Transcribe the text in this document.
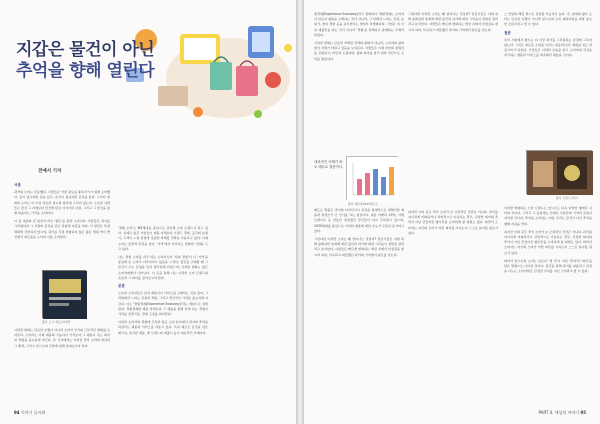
지갑은 물건이 아닌
추억을 향해 열린다
전예서 기자
서론

과거의 소비는 단순했다. 사람들은 어떤 필요를 충족시키기 위해 소비했다. 옷이 필요하면 옷을 샀고, 음식이 필요하면 음식을 샀다. 그러나 현대의 소비는 더 이상 단순한 필요의 충족에 그치지 않는다. 오늘날 사람들은 물건 그 자체보다 물건에 담긴 이야기와 감정, 그리고 그 물건을 통해 떠올리는 기억을 소비한다.

이 중 대중화 된 현상이 바로 '향수'를 통한 소비이다. 사람들은 과거를 그리워하며 그 시절의 감성을 담은 상품에 지갑을 연다. 이 현상은 특정 세대에 국한되지 않으며, 과거를 직접 경험하지 않은 젊은 세대 역시 옛것에서 새로움을 느끼며 이를 소비한다.

출처: 도서 '레트로마케팅'

이러한 변화는 단순한 유행이 아니라 소비자 인식의 근본적인 변화를 보여준다. 소비자는 이제 제품의 기능이나 가격보다 그 제품이 주는 의미와 경험을 중요하게 여긴다. 본 기사에서는 이러한 추억 소비의 양상과 그 배경, 그리고 앞으로의 전망에 대해 살펴보고자 한다.

'경험 소비'는 MZ세대를 중심으로 강하게 소비 트렌드가 되고 있다. 실제로 많은 기업들이 제품 자체보다 브랜드 경험, 공간의 분위기, 고객이 느낄 감정에 집중한 마케팅 전략을 사용하고 있다. 이제 소비는 물질적 만족을 넘어, '기억'에서 이어지는 경험에 기반을 두고 있다.

나는 경험 소비를 자주 하는 소비자로서 '나의 경험'이 나 '기억'을 중심에 둔 소비가 이루어지고 있음을 느낀다. 물건을 구매할 때 그 물건이 주는 감정을 먼저 생각하게 되었으며, 이러한 변화는 많은 소비자에게서 나타난다. 이 글을 통해 나는 이러한 소비 트렌드의 흐름과 그 의미를 짚어보고자 한다.

본론

오늘날 소비자들은 단지 제품이나 서비스를 구매하는 것을 넘어, 그 과정에서 느끼는 감정과 경험, 그리고 개인적인 기억을 중요하게 여긴다. 이는 '경험경제(Experience Economy)'라는 개념으로 설명된다. 경험경제란 제품 자체보다 그 제품을 통해 얻게 되는 경험이 가치를 갖게 되는 경제 구조를 의미한다.

이러한 소비자의 경향에 주목한 많은 소비 분야에서 과거의 추억을 되살리는 제품과 서비스를 내놓고 있다. 특히 레트로 감성을 담은 패키지, 복각판 제품, 옛 브랜드의 재출시 등이 대표적인 사례이다.

94 이야기 들어봐

험경제(Experience Economy)라고 정의한다. 체험경제는 소비자가 단순히 제품을 구매하는 것이 아니라, 그 안에서 느끼는 감정, 분위기, 참여 경험 등을 중시한다는 점에서 차별화된다. 기업은 더 이상 제품만을 파는 것이 아니라 '경험'을 설계하고 판매하는 주체가 되었다.

이러한 변화는 단순한 마케팅 전략의 변화가 아니라, 소비자의 삶의 방식 자체가 바뀌고 있음을 보여준다. 사람들은 이제 자신의 정체성을 표현하고, 타인과 소통하며, 삶의 의미를 찾기 위한 수단으로 소비를 활용한다.

대표적인 사례가 바로 레트로 열풍이다.
출처: 대학내일20대연구소

레트로 열풍은 과거의 디자인이나 감성을 현대적으로 재해석한 제품과 콘텐츠가 큰 인기를 끄는 현상이다. 필름 카메라, LP판, 카세트테이프 등 한동안 잊혀졌던 물건들이 다시 주목받고 있으며, 2030세대를 중심으로 이러한 제품에 대한 수요가 꾸준히 증가하고 있다.

그렇다면 이러한 소비는 왜 일어나는 것일까? 전문가들은 이에 대해 불확실한 현재에 대한 불안과 과거에 대한 그리움이 결합된 결과라고 분석한다. 사람들은 빠르게 변화하는 세상 속에서 안정감을 찾고자 하며, 익숙하고 따뜻했던 과거의 기억에서 위로를 얻는다.

그렇다면 이러한 소비는 왜 일어나는 것일까? 전문가들은 이에 대해 불확실한 현재에 대한 불안과 과거에 대한 그리움이 결합된 결과라고 분석한다. 사람들은 빠르게 변화하는 세상 속에서 안정감을 찾고자 하며, 익숙하고 따뜻했던 과거의 기억에서 위로를 얻는다.

스 산업의 핵심 축으로 성장할 가능성이 높다. 즉, 현재의 향수 소비는 단순한 유행이 아니라 앞으로의 소비 패러다임을 바꿀 중요한 흐름이라고 할 수 있다.

결론

우리 사회에서 향수는 더 이상 과거를 그리워하는 감정에 그치지 않는다. 그것은 새로운 소비를 이끄는 원동력이자, 세대를 잇는 연결고리가 되었다. 기업들은 이러한 흐름을 읽고 소비자의 감성을 자극하는 제품과 서비스를 계속해서 내놓을 것이다.

출처: 트렌드코리아

이러한 변화하는 소비 트렌드는 앞으로도 더욱 다양한 형태로 나타날 것이다. 그리고 그 중심에는 언제나 사람들의 기억과 감정이 자리할 것이다. 추억을 소비하는 시대, 우리는 물건이 아닌 추억을 향해 지갑을 연다.

하지만 이와 같은 추억 소비가 늘 긍정적인 것만은 아니다. 과거를 지나치게 미화하거나 상업적으로 이용하는 경우, 진정한 의미의 추억이 아닌 만들어진 향수만을 소비하게 될 위험도 있다. 따라서 소비자는 자신의 소비가 어떤 의미를 가지는지 스스로 돌아볼 필요가 있다.

따라서 앞으로의 소비는 단순히 '옛 것'이 아닌 '추억'과 '의미'를 담은 방향으로 나아갈 것이다. 물건을 통해 과거를 떠올리고 감정을 나누는 소비야말로 진정한 가치를 지닌 소비라고 할 수 있다.

하지만 이와 같은 추억 소비가 늘 긍정적인 것만은 아니다. 과거를 지나치게 미화하거나 상업적으로 이용하는 경우, 진정한 의미의 추억이 아닌 만들어진 향수만을 소비하게 될 위험도 있다. 따라서 소비자는 자신의 소비가 어떤 의미를 가지는지 스스로 돌아볼 필요가 있다.

PART 4. 세상의 이야기 95
